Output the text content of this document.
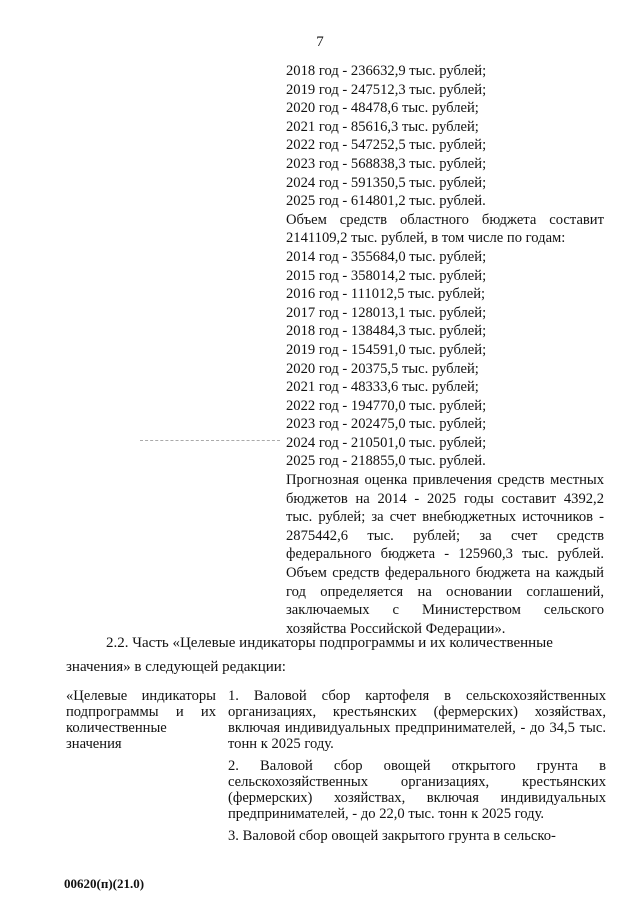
7
2018 год - 236632,9 тыс. рублей;
2019 год - 247512,3 тыс. рублей;
2020 год - 48478,6 тыс. рублей;
2021 год - 85616,3 тыс. рублей;
2022 год - 547252,5 тыс. рублей;
2023 год - 568838,3 тыс. рублей;
2024 год - 591350,5 тыс. рублей;
2025 год - 614801,2 тыс. рублей.
Объем средств областного бюджета составит 2141109,2 тыс. рублей, в том числе по годам:
2014 год - 355684,0 тыс. рублей;
2015 год - 358014,2 тыс. рублей;
2016 год - 111012,5 тыс. рублей;
2017 год - 128013,1 тыс. рублей;
2018 год - 138484,3 тыс. рублей;
2019 год - 154591,0 тыс. рублей;
2020 год - 20375,5 тыс. рублей;
2021 год - 48333,6 тыс. рублей;
2022 год - 194770,0 тыс. рублей;
2023 год - 202475,0 тыс. рублей;
2024 год - 210501,0 тыс. рублей;
2025 год - 218855,0 тыс. рублей.
Прогнозная оценка привлечения средств местных бюджетов на 2014 - 2025 годы составит 4392,2 тыс. рублей; за счет внебюджетных источников - 2875442,6 тыс. рублей; за счет средств федерального бюджета - 125960,3 тыс. рублей. Объем средств федерального бюджета на каждый год определяется на основании соглашений, заключаемых с Министерством сельского хозяйства Российской Федерации».
2.2. Часть «Целевые индикаторы подпрограммы и их количественные
значения» в следующей редакции:
«Целевые индикаторы подпрограммы и их количественные значения

1. Валовой сбор картофеля в сельскохозяйственных организациях, крестьянских (фермерских) хозяйствах, включая индивидуальных предпринимателей, - до 34,5 тыс. тонн к 2025 году.

2. Валовой сбор овощей открытого грунта в сельскохозяйственных организациях, крестьянских (фермерских) хозяйствах, включая индивидуальных предпринимателей, - до 22,0 тыс. тонн к 2025 году.

3. Валовой сбор овощей закрытого грунта в сельско-

00620(п)(21.0)
